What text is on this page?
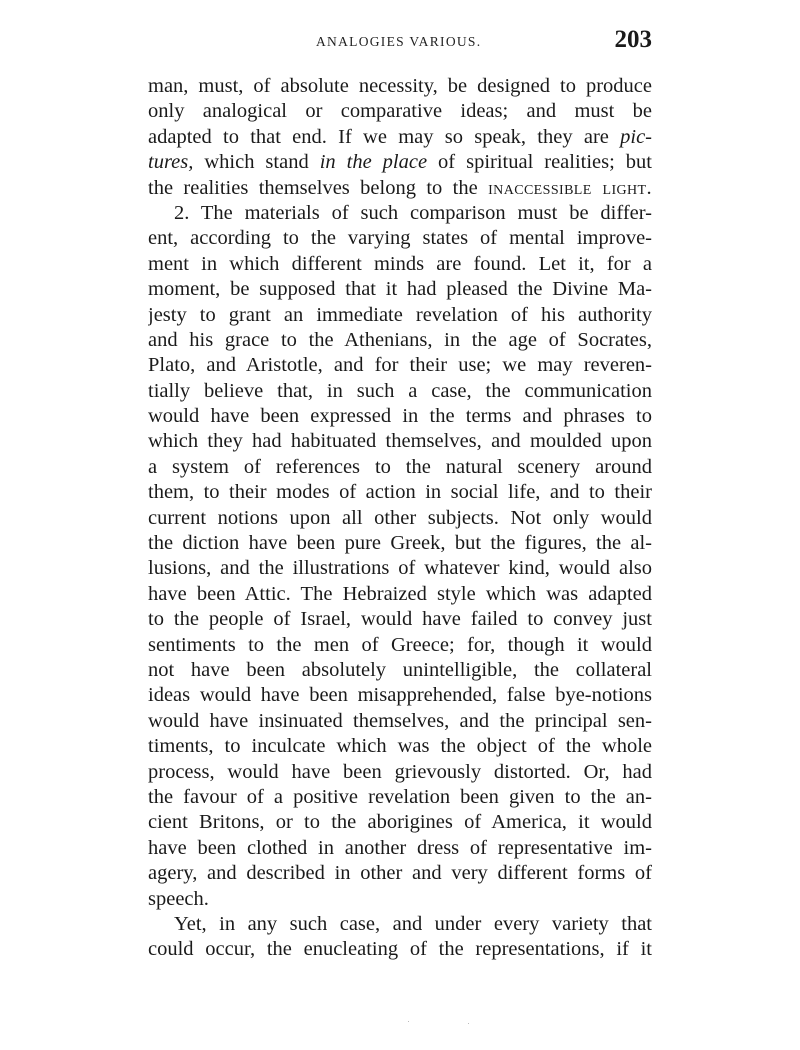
ANALOGIES VARIOUS.	203
man, must, of absolute necessity, be designed to produce
only analogical or comparative ideas; and must be
adapted to that end. If we may so speak, they are pic-
tures, which stand in the place of spiritual realities; but
the realities themselves belong to the inaccessible light.
2. The materials of such comparison must be differ-
ent, according to the varying states of mental improve-
ment in which different minds are found. Let it, for a
moment, be supposed that it had pleased the Divine Ma-
jesty to grant an immediate revelation of his authority
and his grace to the Athenians, in the age of Socrates,
Plato, and Aristotle, and for their use; we may reveren-
tially believe that, in such a case, the communication
would have been expressed in the terms and phrases to
which they had habituated themselves, and moulded upon
a system of references to the natural scenery around
them, to their modes of action in social life, and to their
current notions upon all other subjects. Not only would
the diction have been pure Greek, but the figures, the al-
lusions, and the illustrations of whatever kind, would also
have been Attic. The Hebraized style which was adapted
to the people of Israel, would have failed to convey just
sentiments to the men of Greece; for, though it would
not have been absolutely unintelligible, the collateral
ideas would have been misapprehended, false bye-notions
would have insinuated themselves, and the principal sen-
timents, to inculcate which was the object of the whole
process, would have been grievously distorted. Or, had
the favour of a positive revelation been given to the an-
cient Britons, or to the aborigines of America, it would
have been clothed in another dress of representative im-
agery, and described in other and very different forms of
speech.
Yet, in any such case, and under every variety that
could occur, the enucleating of the representations, if it
